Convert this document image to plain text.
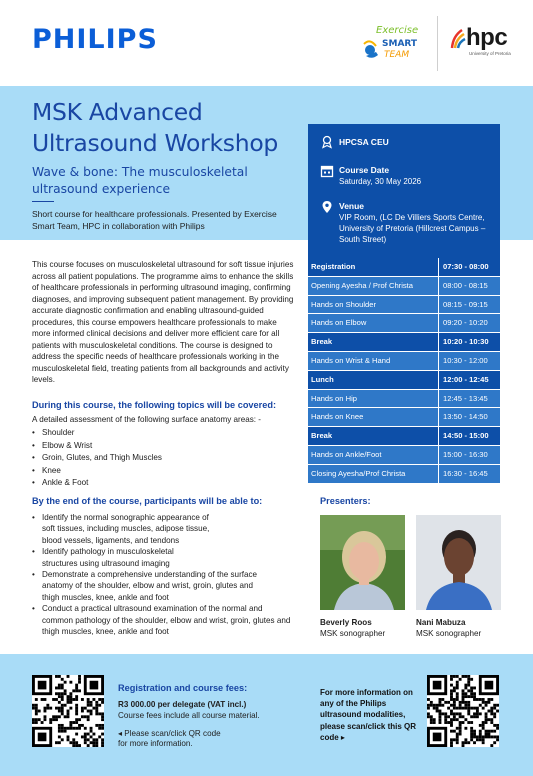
PHILIPS	Exercise
SMART
TEAM
hpc
University of Pretoria
MSK Advanced
Ultrasound Workshop
Wave & bone: The musculoskeletal ultrasound experience
Short course for healthcare professionals. Presented by Exercise Smart Team, HPC in collaboration with Philips
HPCSA CEU
Course Date
Saturday, 30 May 2026
Venue
VIP Room, (LC De Villiers Sports Centre, University of Pretoria (Hillcrest Campus – South Street)
Registration	07:30 - 08:00
Opening Ayesha / Prof Christa	08:00 - 08:15
Hands on Shoulder	08:15 - 09:15
Hands on Elbow	09:20 - 10:20
Break	10:20 - 10:30
Hands on Wrist & Hand	10:30 - 12:00
Lunch	12:00 - 12:45
Hands on Hip	12:45 - 13:45
Hands on Knee	13:50 - 14:50
Break	14:50 - 15:00
Hands on Ankle/Foot	15:00 - 16:30
Closing Ayesha/Prof Christa	16:30 - 16:45
This course focuses on musculoskeletal ultrasound for soft tissue injuries across all patient populations. The programme aims to enhance the skills of healthcare professionals in performing ultrasound imaging, confirming diagnoses, and improving subsequent patient management. By providing accurate diagnostic confirmation and enabling ultrasound-guided procedures, this course empowers healthcare professionals to make more informed clinical decisions and deliver more efficient care for all patients with musculoskeletal conditions. The course is designed to address the specific needs of healthcare professionals working in the musculoskeletal field, treating patients from all backgrounds and activity levels.
During this course, the following topics will be covered:
A detailed assessment of the following surface anatomy areas: -
• Shoulder
• Elbow & Wrist
• Groin, Glutes, and Thigh Muscles
• Knee
• Ankle & Foot
By the end of the course, participants will be able to:
• Identify the normal sonographic appearance of soft tissues, including muscles, adipose tissue, blood vessels, ligaments, and tendons
• Identify pathology in musculoskeletal structures using ultrasound imaging
• Demonstrate a comprehensive understanding of the surface anatomy of the shoulder, elbow and wrist, groin, glutes and thigh muscles, knee, ankle and foot
• Conduct a practical ultrasound examination of the normal and common pathology of the shoulder, elbow and wrist, groin, glutes and thigh muscles, knee, ankle and foot
Presenters:
Beverly Roos
MSK sonographer
Nani Mabuza
MSK sonographer
Registration and course fees:
R3 000.00 per delegate (VAT incl.)
Course fees include all course material.
◂ Please scan/click QR code
for more information.
For more information on any of the Philips ultrasound modalities, please scan/click this QR code ▸
